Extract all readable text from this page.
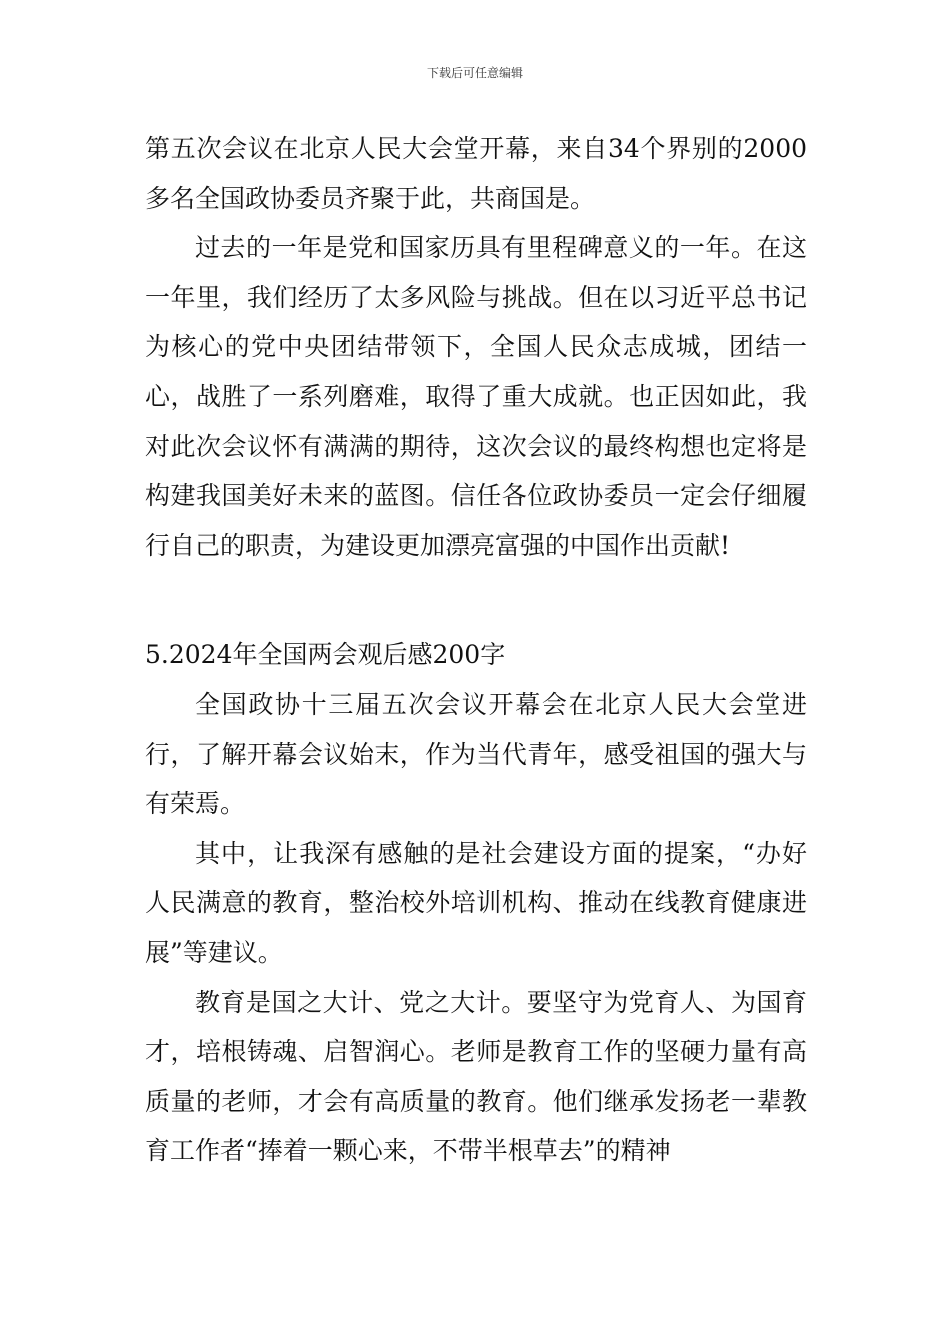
下载后可任意编辑

第五次会议在北京人民大会堂开幕，来自34个界别的2000多名全国政协委员齐聚于此，共商国是。

过去的一年是党和国家历具有里程碑意义的一年。在这一年里，我们经历了太多风险与挑战。但在以习近平总书记为核心的党中央团结带领下，全国人民众志成城，团结一心，战胜了一系列磨难，取得了重大成就。也正因如此，我对此次会议怀有满满的期待，这次会议的最终构想也定将是构建我国美好未来的蓝图。信任各位政协委员一定会仔细履行自己的职责，为建设更加漂亮富强的中国作出贡献!

5.2024年全国两会观后感200字

全国政协十三届五次会议开幕会在北京人民大会堂进行，了解开幕会议始末，作为当代青年，感受祖国的强大与有荣焉。

其中，让我深有感触的是社会建设方面的提案，“办好人民满意的教育，整治校外培训机构、推动在线教育健康进展”等建议。

教育是国之大计、党之大计。要坚守为党育人、为国育才，培根铸魂、启智润心。老师是教育工作的坚硬力量有高质量的老师，才会有高质量的教育。他们继承发扬老一辈教育工作者“捧着一颗心来，不带半根草去”的精神
